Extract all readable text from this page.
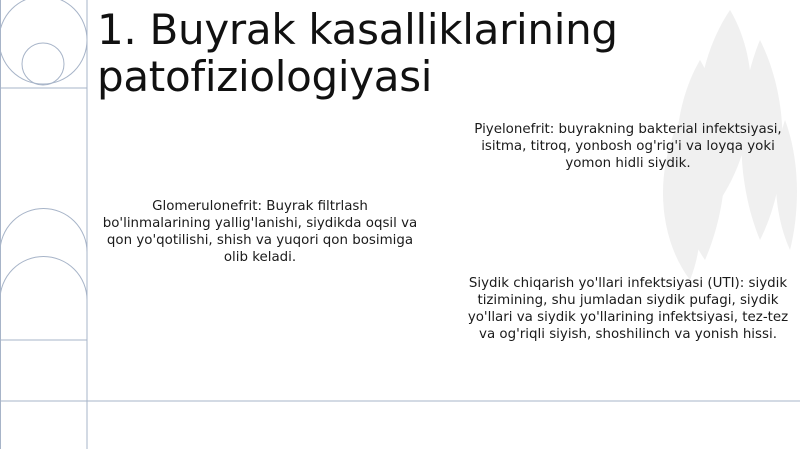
1. Buyrak kasalliklarining patofiziologiyasi

Piyelonefrit: buyrakning bakterial infektsiyasi, isitma, titroq, yonbosh og'rig'i va loyqa yoki yomon hidli siydik.

Glomerulonefrit: Buyrak filtrlash bo'linmalarining yallig'lanishi, siydikda oqsil va qon yo'qotilishi, shish va yuqori qon bosimiga olib keladi.

Siydik chiqarish yo'llari infektsiyasi (UTI): siydik tizimining, shu jumladan siydik pufagi, siydik yo'llari va siydik yo'llarining infektsiyasi, tez-tez va og'riqli siyish, shoshilinch va yonish hissi.
